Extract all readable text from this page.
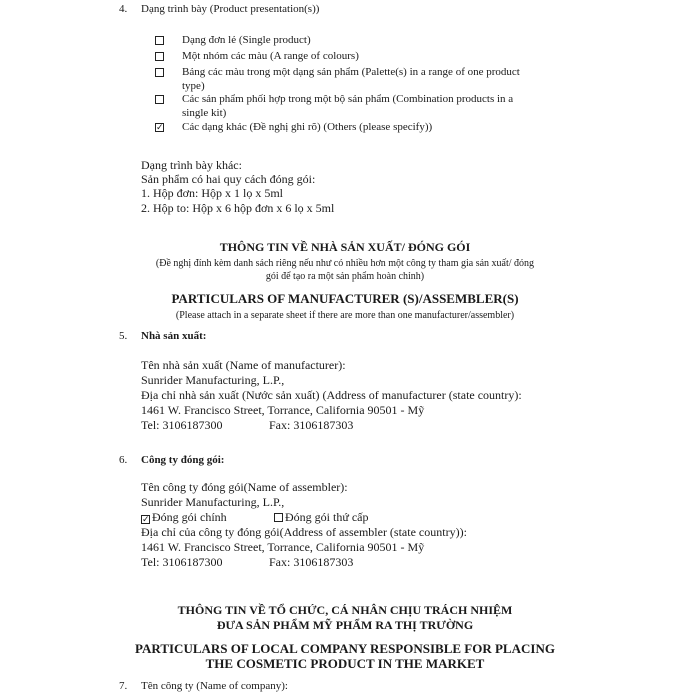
4. Dạng trình bày (Product presentation(s))
Dạng đơn lẻ (Single product)
Một nhóm các màu (A range of colours)
Bảng các màu trong một dạng sản phẩm (Palette(s) in a range of one product
type)
Các sản phẩm phối hợp trong một bộ sản phẩm (Combination products in a
single kit)
✓ Các dạng khác (Đề nghị ghi rõ) (Others (please specify))
Dạng trình bày khác:
Sản phẩm có hai quy cách đóng gói:
1. Hộp đơn: Hộp x 1 lọ x 5ml
2. Hộp to: Hộp x 6 hộp đơn x 6 lọ x 5ml
THÔNG TIN VỀ NHÀ SẢN XUẤT/ ĐÓNG GÓI
(Đề nghị đính kèm danh sách riêng nếu như có nhiều hơn một công ty tham gia sản xuất/ đóng
gói để tạo ra một sản phẩm hoàn chỉnh)
PARTICULARS OF MANUFACTURER (S)/ASSEMBLER(S)
(Please attach in a separate sheet if there are more than one manufacturer/assembler)
5. Nhà sản xuất:
Tên nhà sản xuất (Name of manufacturer):
Sunrider Manufacturing, L.P.,
Địa chỉ nhà sản xuất (Nước sản xuất) (Address of manufacturer (state country):
1461 W. Francisco Street, Torrance, California 90501 - Mỹ
Tel: 3106187300	Fax: 3106187303
6. Công ty đóng gói:
Tên công ty đóng gói(Name of assembler):
Sunrider Manufacturing, L.P.,
✓ Đóng gói chính	Đóng gói thứ cấp
Địa chỉ của công ty đóng gói(Address of assembler (state country)):
1461 W. Francisco Street, Torrance, California 90501 - Mỹ
Tel: 3106187300	Fax: 3106187303
THÔNG TIN VỀ TỔ CHỨC, CÁ NHÂN CHỊU TRÁCH NHIỆM
ĐƯA SẢN PHẨM MỸ PHẨM RA THỊ TRƯỜNG
PARTICULARS OF LOCAL COMPANY RESPONSIBLE FOR PLACING
THE COSMETIC PRODUCT IN THE MARKET
7. Tên công ty (Name of company):
